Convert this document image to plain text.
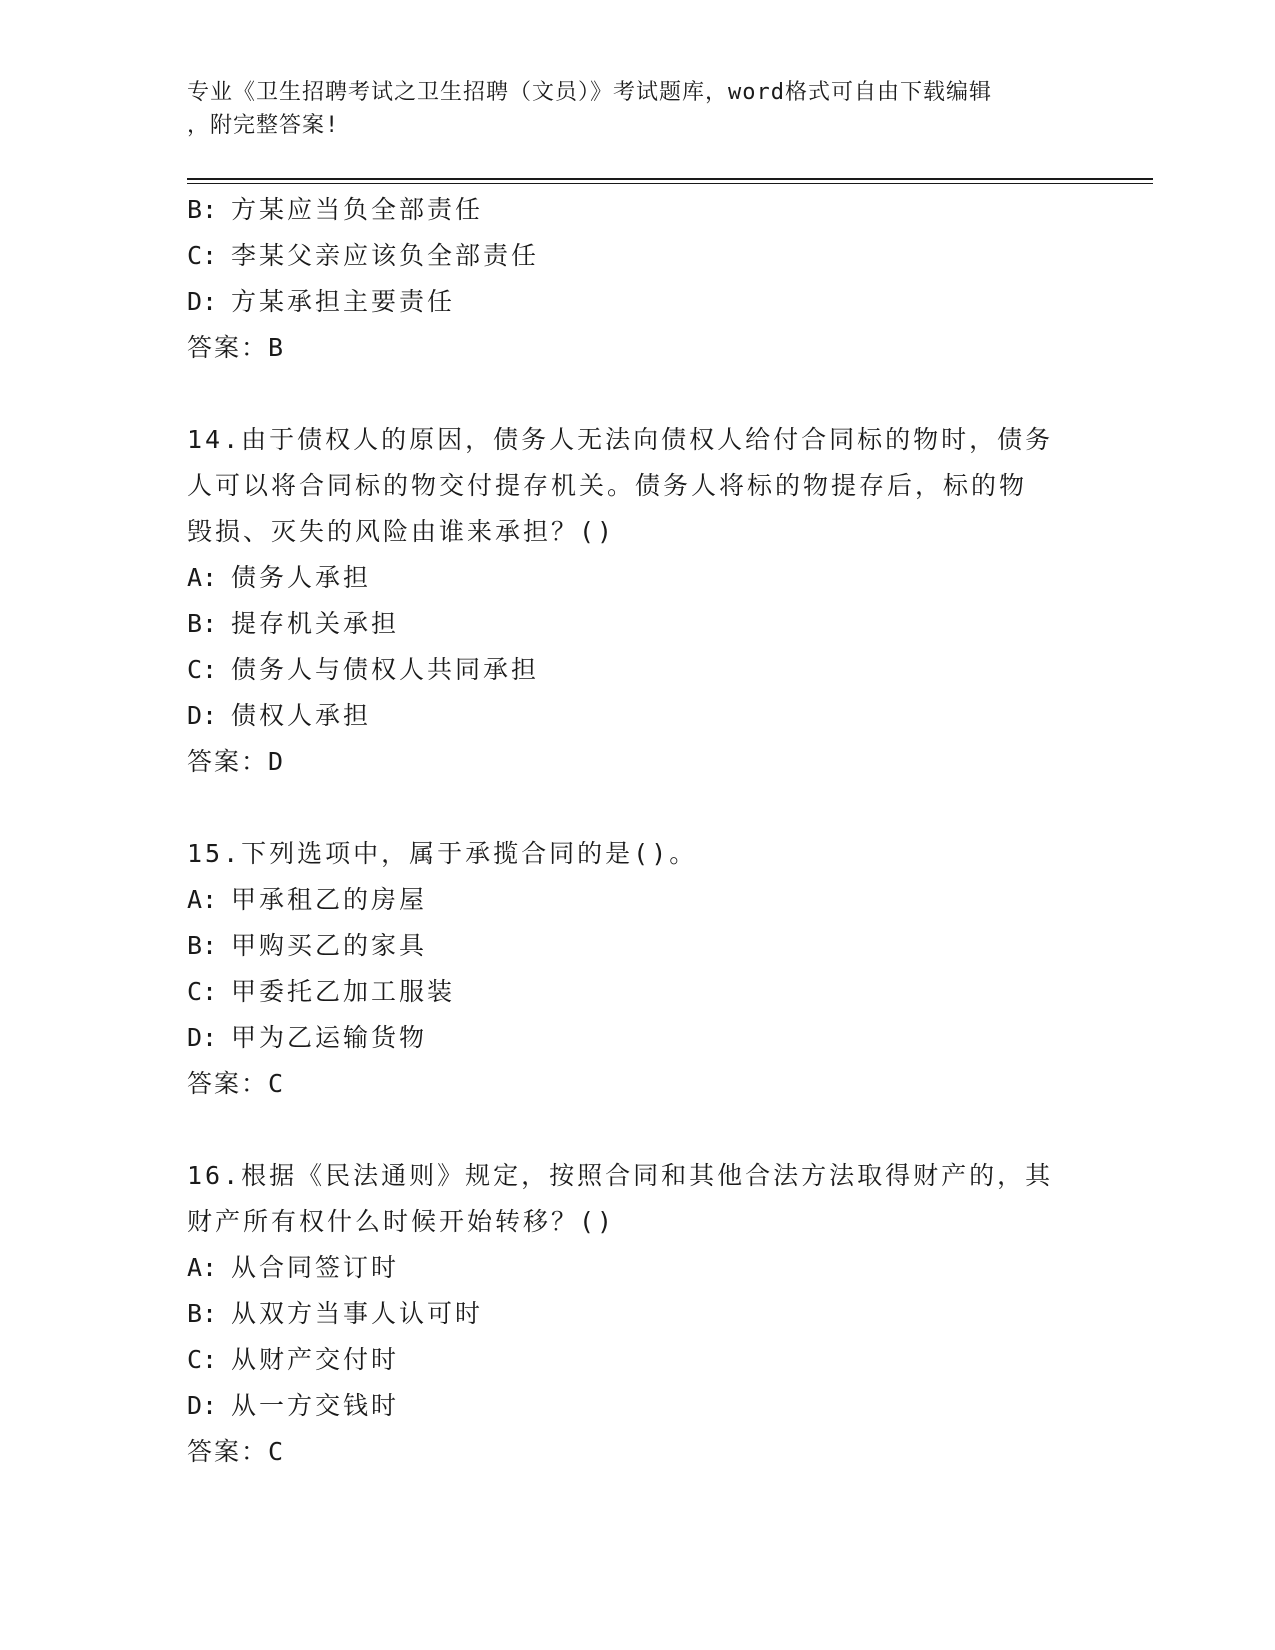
专业《卫生招聘考试之卫生招聘（文员）》考试题库，word格式可自由下载编辑
，附完整答案!
B: 方某应当负全部责任
C: 李某父亲应该负全部责任
D: 方某承担主要责任
答案：B
14.由于债权人的原因，债务人无法向债权人给付合同标的物时，债务
人可以将合同标的物交付提存机关。债务人将标的物提存后，标的物
毁损、灭失的风险由谁来承担？()
A: 债务人承担
B: 提存机关承担
C: 债务人与债权人共同承担
D: 债权人承担
答案：D
15.下列选项中，属于承揽合同的是()。
A: 甲承租乙的房屋
B: 甲购买乙的家具
C: 甲委托乙加工服装
D: 甲为乙运输货物
答案：C
16.根据《民法通则》规定，按照合同和其他合法方法取得财产的，其
财产所有权什么时候开始转移？()
A: 从合同签订时
B: 从双方当事人认可时
C: 从财产交付时
D: 从一方交钱时
答案：C
